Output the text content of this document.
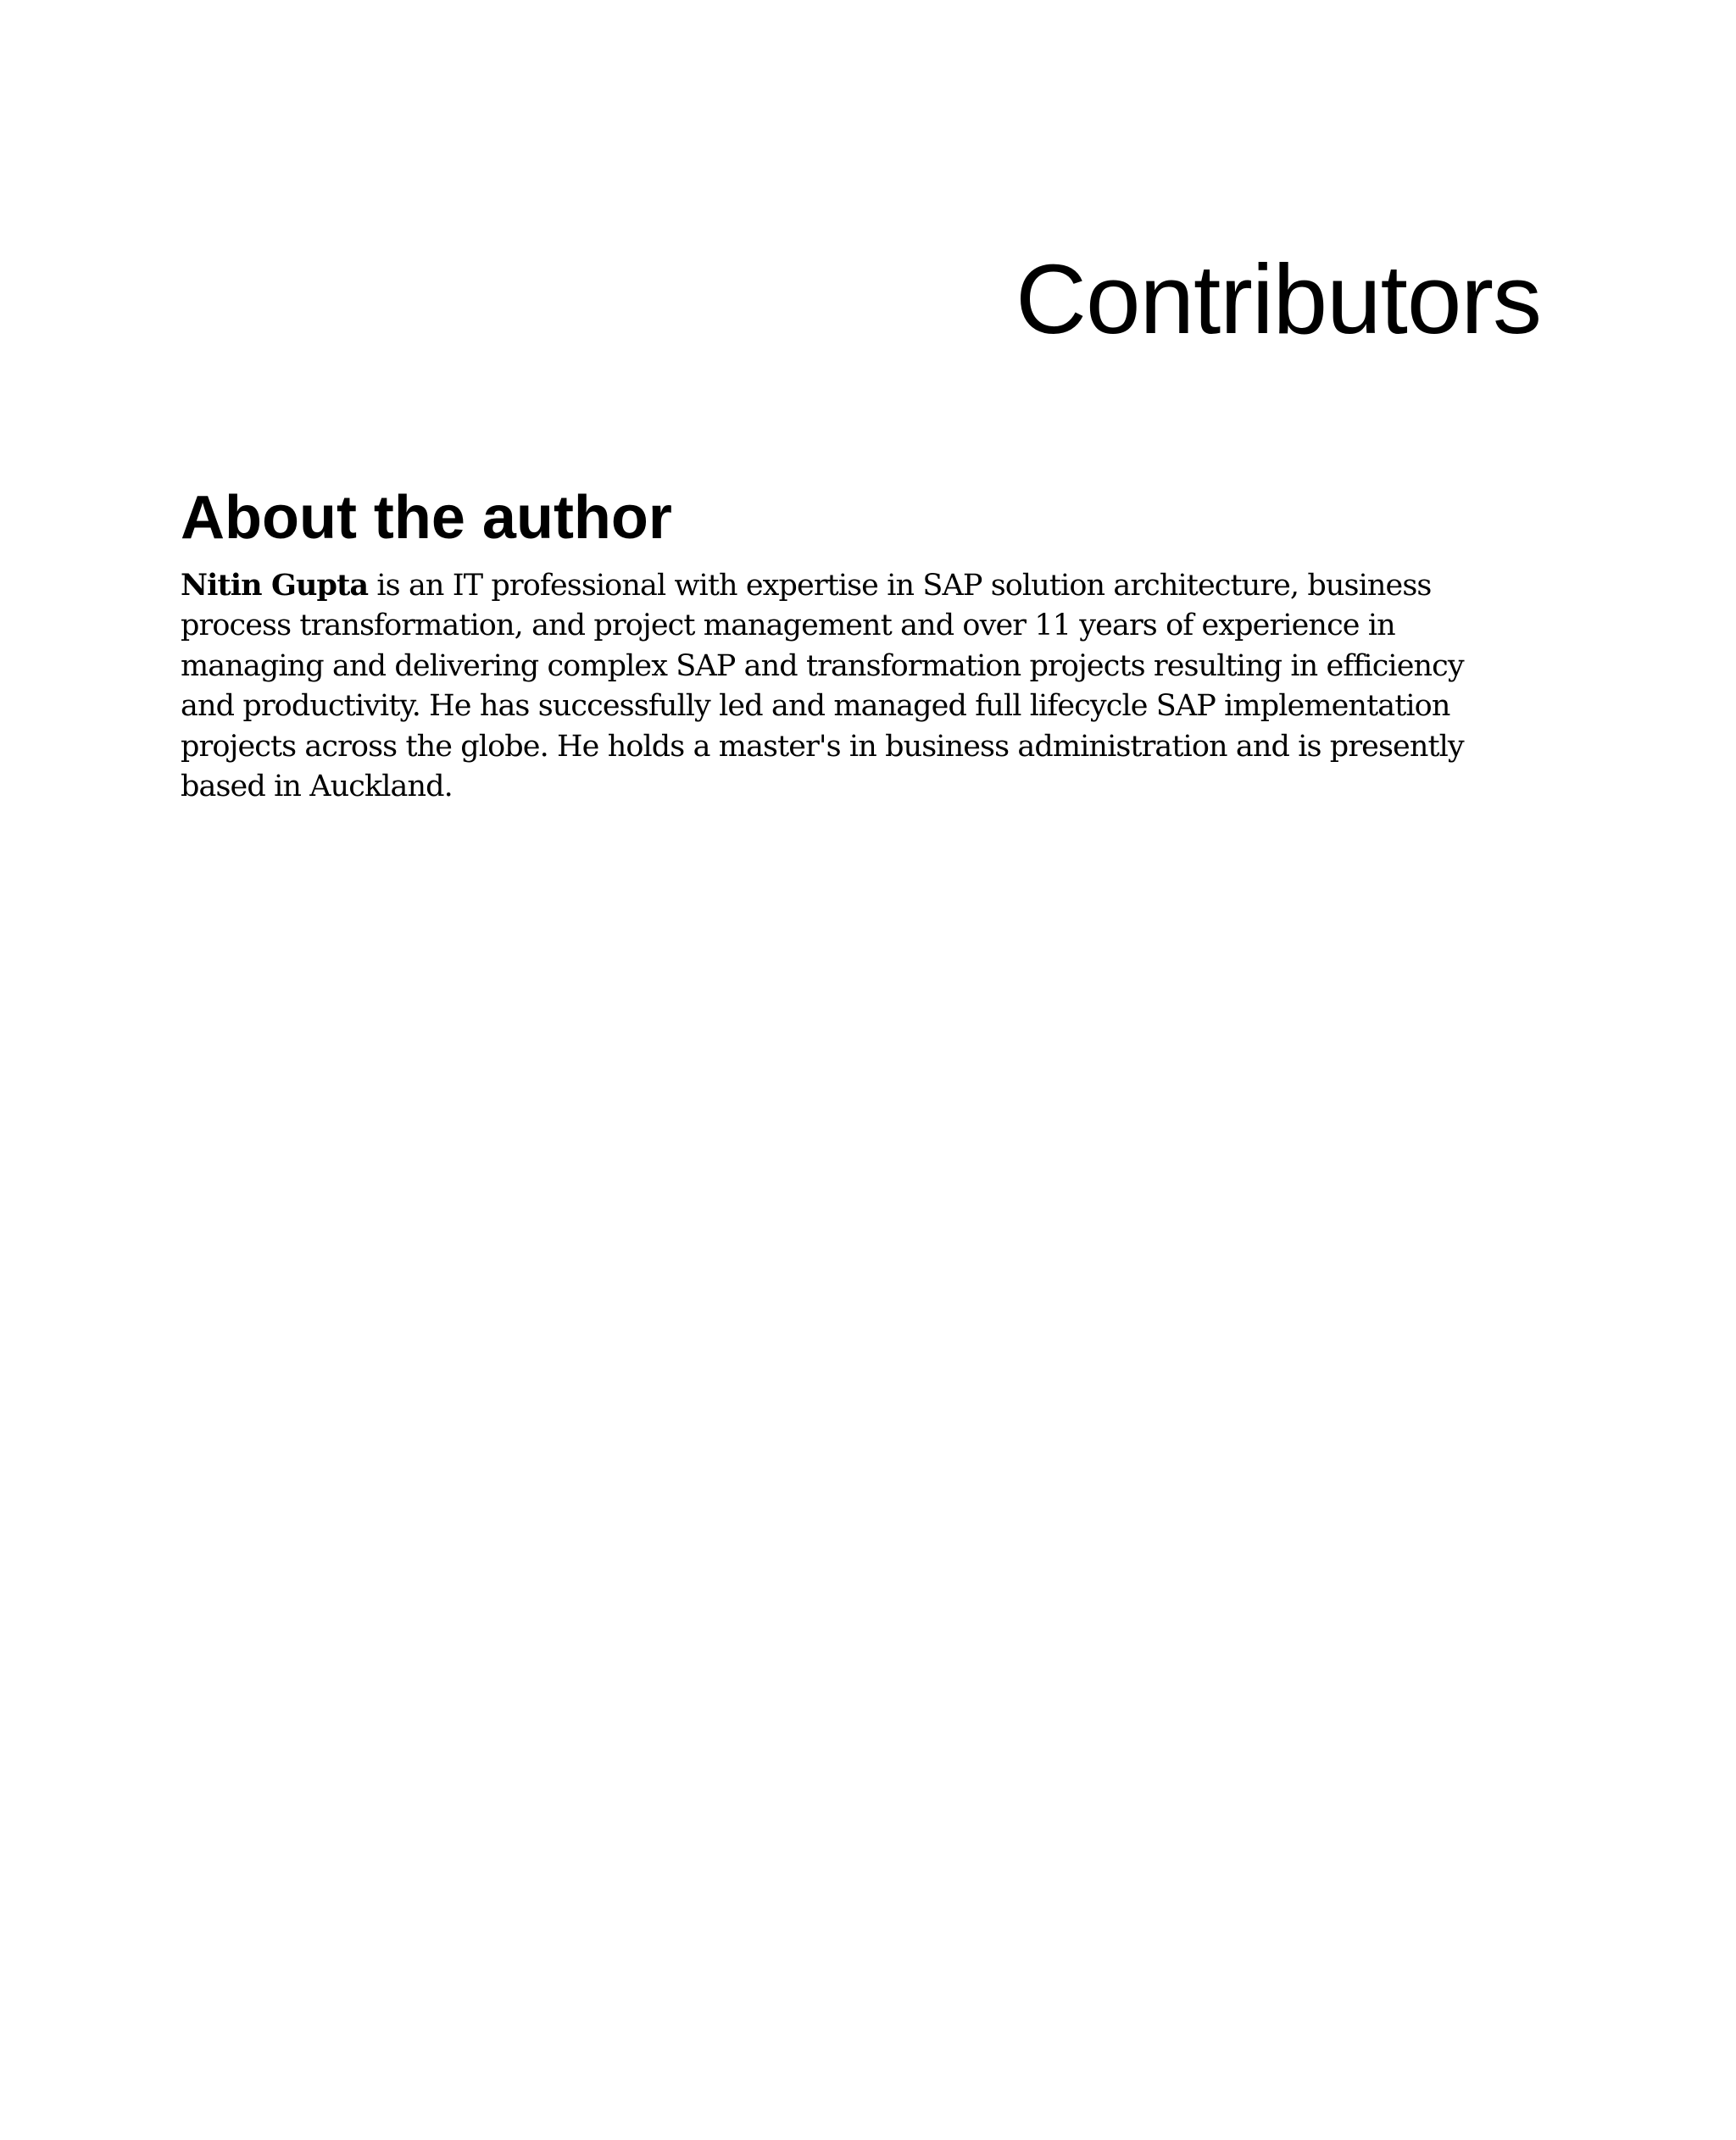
Contributors
About the author

Nitin Gupta is an IT professional with expertise in SAP solution architecture, business
process transformation, and project management and over 11 years of experience in
managing and delivering complex SAP and transformation projects resulting in efficiency
and productivity. He has successfully led and managed full lifecycle SAP implementation
projects across the globe. He holds a master's in business administration and is presently
based in Auckland.
